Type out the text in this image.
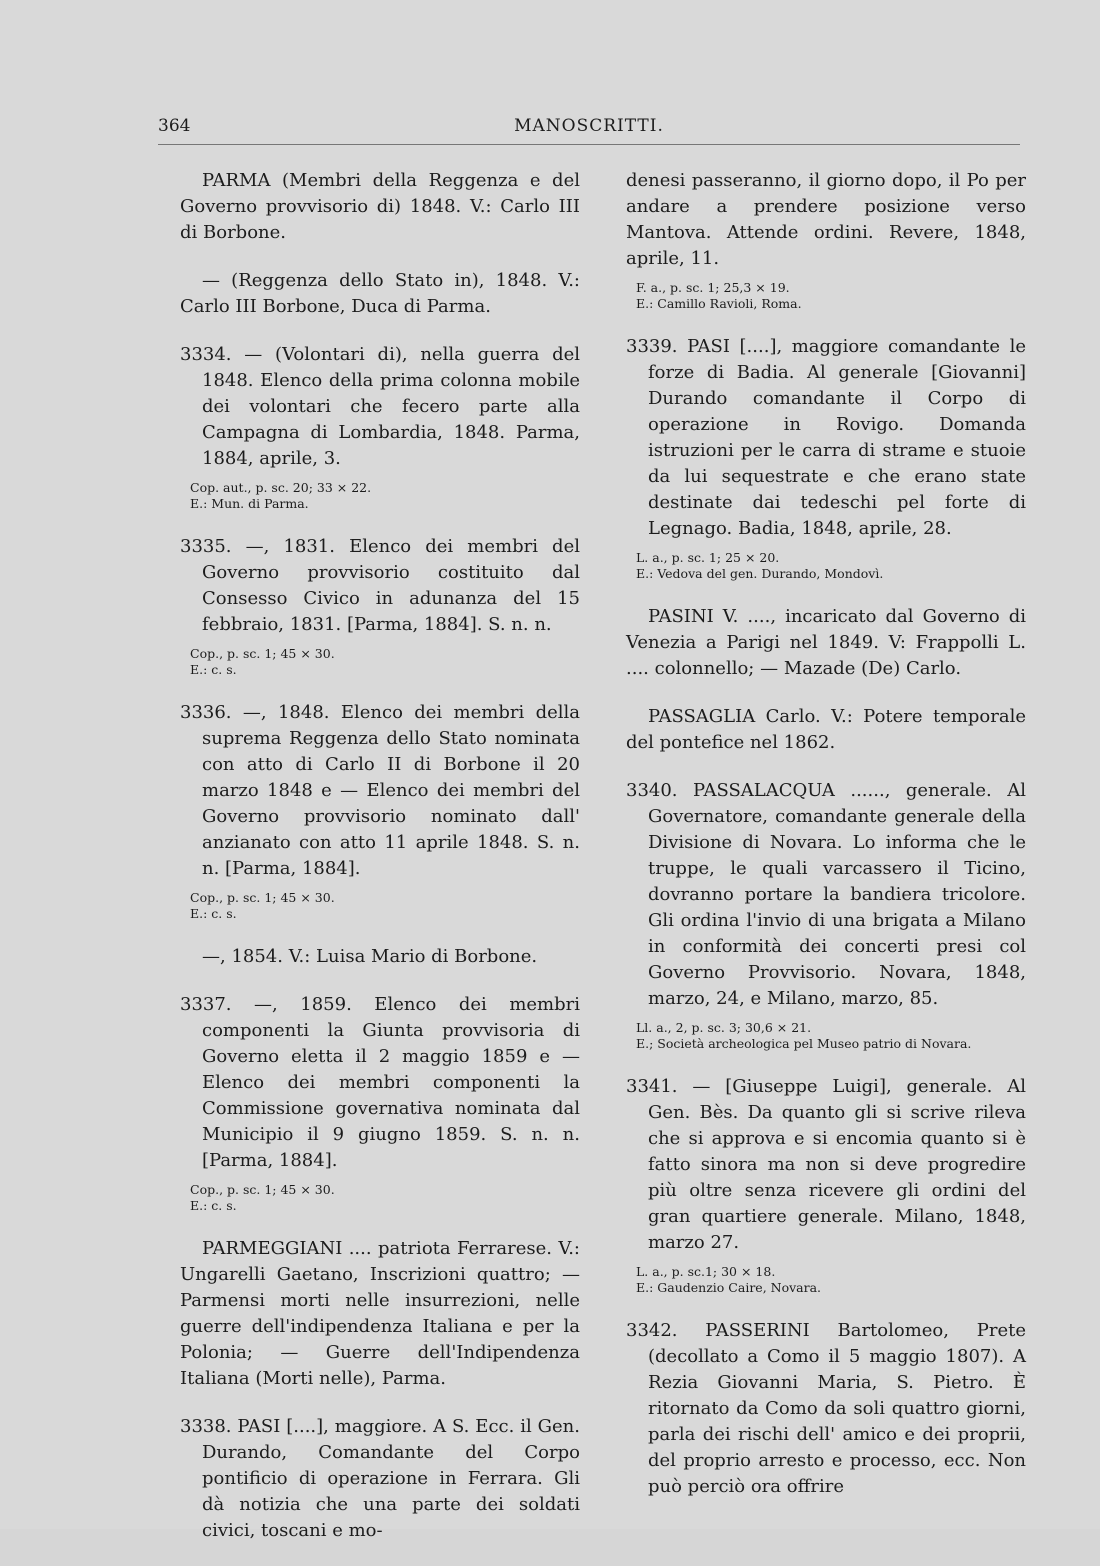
364	MANOSCRITTI.

PARMA (Membri della Reggenza e del Governo provvisorio di) 1848. V.: Carlo III di Borbone.

— (Reggenza dello Stato in), 1848. V.: Carlo III Borbone, Duca di Parma.

3334. — (Volontari di), nella guerra del 1848. Elenco della prima colonna mobile dei volontari che fecero parte alla Campagna di Lombardia, 1848. Parma, 1884, aprile, 3.

Cop. aut., p. sc. 20; 33 × 22.
E.: Mun. di Parma.

3335. —, 1831. Elenco dei membri del Governo provvisorio costituito dal Consesso Civico in adunanza del 15 febbraio, 1831. [Parma, 1884]. S. n. n.

Cop., p. sc. 1; 45 × 30.
E.: c. s.

3336. —, 1848. Elenco dei membri della suprema Reggenza dello Stato nominata con atto di Carlo II di Borbone il 20 marzo 1848 e — Elenco dei membri del Governo provvisorio nominato dall' anzianato con atto 11 aprile 1848. S. n. n. [Parma, 1884].

Cop., p. sc. 1; 45 × 30.
E.: c. s.

—, 1854. V.: Luisa Mario di Borbone.

3337. —, 1859. Elenco dei membri componenti la Giunta provvisoria di Governo eletta il 2 maggio 1859 e — Elenco dei membri componenti la Commissione governativa nominata dal Municipio il 9 giugno 1859. S. n. n. [Parma, 1884].

Cop., p. sc. 1; 45 × 30.
E.: c. s.

PARMEGGIANI .... patriota Ferrarese. V.: Ungarelli Gaetano, Inscrizioni quattro; — Parmensi morti nelle insurrezioni, nelle guerre dell'indipendenza Italiana e per la Polonia; — Guerre dell'Indipendenza Italiana (Morti nelle), Parma.

3338. PASI [....], maggiore. A S. Ecc. il Gen. Durando, Comandante del Corpo pontificio di operazione in Ferrara. Gli dà notizia che una parte dei soldati civici, toscani e mo-

denesi passeranno, il giorno dopo, il Po per andare a prendere posizione verso Mantova. Attende ordini. Revere, 1848, aprile, 11.

F. a., p. sc. 1; 25,3 × 19.
E.: Camillo Ravioli, Roma.

3339. PASI [....], maggiore comandante le forze di Badia. Al generale [Giovanni] Durando comandante il Corpo di operazione in Rovigo. Domanda istruzioni per le carra di strame e stuoie da lui sequestrate e che erano state destinate dai tedeschi pel forte di Legnago. Badia, 1848, aprile, 28.

L. a., p. sc. 1; 25 × 20.
E.: Vedova del gen. Durando, Mondovì.

PASINI V. ...., incaricato dal Governo di Venezia a Parigi nel 1849. V: Frappolli L. .... colonnello; — Mazade (De) Carlo.

PASSAGLIA Carlo. V.: Potere temporale del pontefice nel 1862.

3340. PASSALACQUA ......, generale. Al Governatore, comandante generale della Divisione di Novara. Lo informa che le truppe, le quali varcassero il Ticino, dovranno portare la bandiera tricolore. Gli ordina l'invio di una brigata a Milano in conformità dei concerti presi col Governo Provvisorio. Novara, 1848, marzo, 24, e Milano, marzo, 85.

Ll. a., 2, p. sc. 3; 30,6 × 21.
E.; Società archeologica pel Museo patrio di Novara.

3341. — [Giuseppe Luigi], generale. Al Gen. Bès. Da quanto gli si scrive rileva che si approva e si encomia quanto si è fatto sinora ma non si deve progredire più oltre senza ricevere gli ordini del gran quartiere generale. Milano, 1848, marzo 27.

L. a., p. sc.1; 30 × 18.
E.: Gaudenzio Caire, Novara.

3342. PASSERINI Bartolomeo, Prete (decollato a Como il 5 maggio 1807). A Rezia Giovanni Maria, S. Pietro. È ritornato da Como da soli quattro giorni, parla dei rischi dell' amico e dei proprii, del proprio arresto e processo, ecc. Non può perciò ora offrire
